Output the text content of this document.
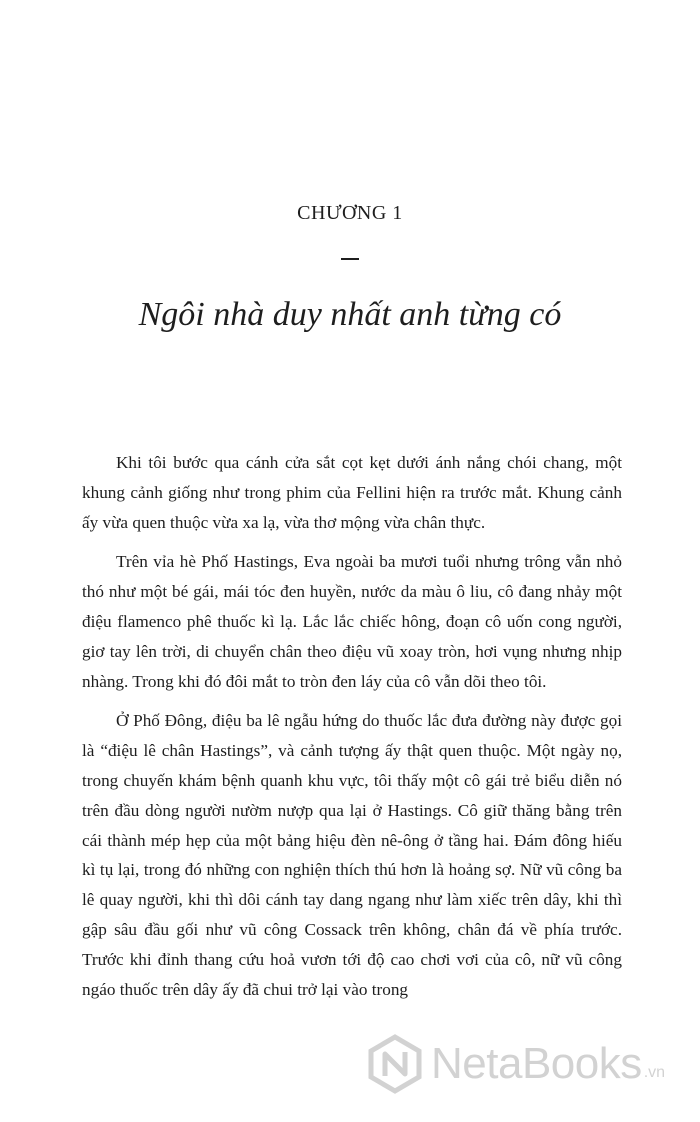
CHƯƠNG 1
Ngôi nhà duy nhất anh từng có

Khi tôi bước qua cánh cửa sắt cọt kẹt dưới ánh nắng chói chang, một khung cảnh giống như trong phim của Fellini hiện ra trước mắt. Khung cảnh ấy vừa quen thuộc vừa xa lạ, vừa thơ mộng vừa chân thực.

Trên vỉa hè Phố Hastings, Eva ngoài ba mươi tuổi nhưng trông vẫn nhỏ thó như một bé gái, mái tóc đen huyền, nước da màu ô liu, cô đang nhảy một điệu flamenco phê thuốc kì lạ. Lắc lắc chiếc hông, đoạn cô uốn cong người, giơ tay lên trời, di chuyển chân theo điệu vũ xoay tròn, hơi vụng nhưng nhịp nhàng. Trong khi đó đôi mắt to tròn đen láy của cô vẫn dõi theo tôi.

Ở Phố Đông, điệu ba lê ngẫu hứng do thuốc lắc đưa đường này được gọi là “điệu lê chân Hastings”, và cảnh tượng ấy thật quen thuộc. Một ngày nọ, trong chuyến khám bệnh quanh khu vực, tôi thấy một cô gái trẻ biểu diễn nó trên đầu dòng người nườm nượp qua lại ở Hastings. Cô giữ thăng bằng trên cái thành mép hẹp của một bảng hiệu đèn nê-ông ở tầng hai. Đám đông hiếu kì tụ lại, trong đó những con nghiện thích thú hơn là hoảng sợ. Nữ vũ công ba lê quay người, khi thì dôi cánh tay dang ngang như làm xiếc trên dây, khi thì gập sâu đầu gối như vũ công Cossack trên không, chân đá về phía trước. Trước khi đỉnh thang cứu hoả vươn tới độ cao chơi vơi của cô, nữ vũ công ngáo thuốc trên dây ấy đã chui trở lại vào trong

NetaBooks .vn
